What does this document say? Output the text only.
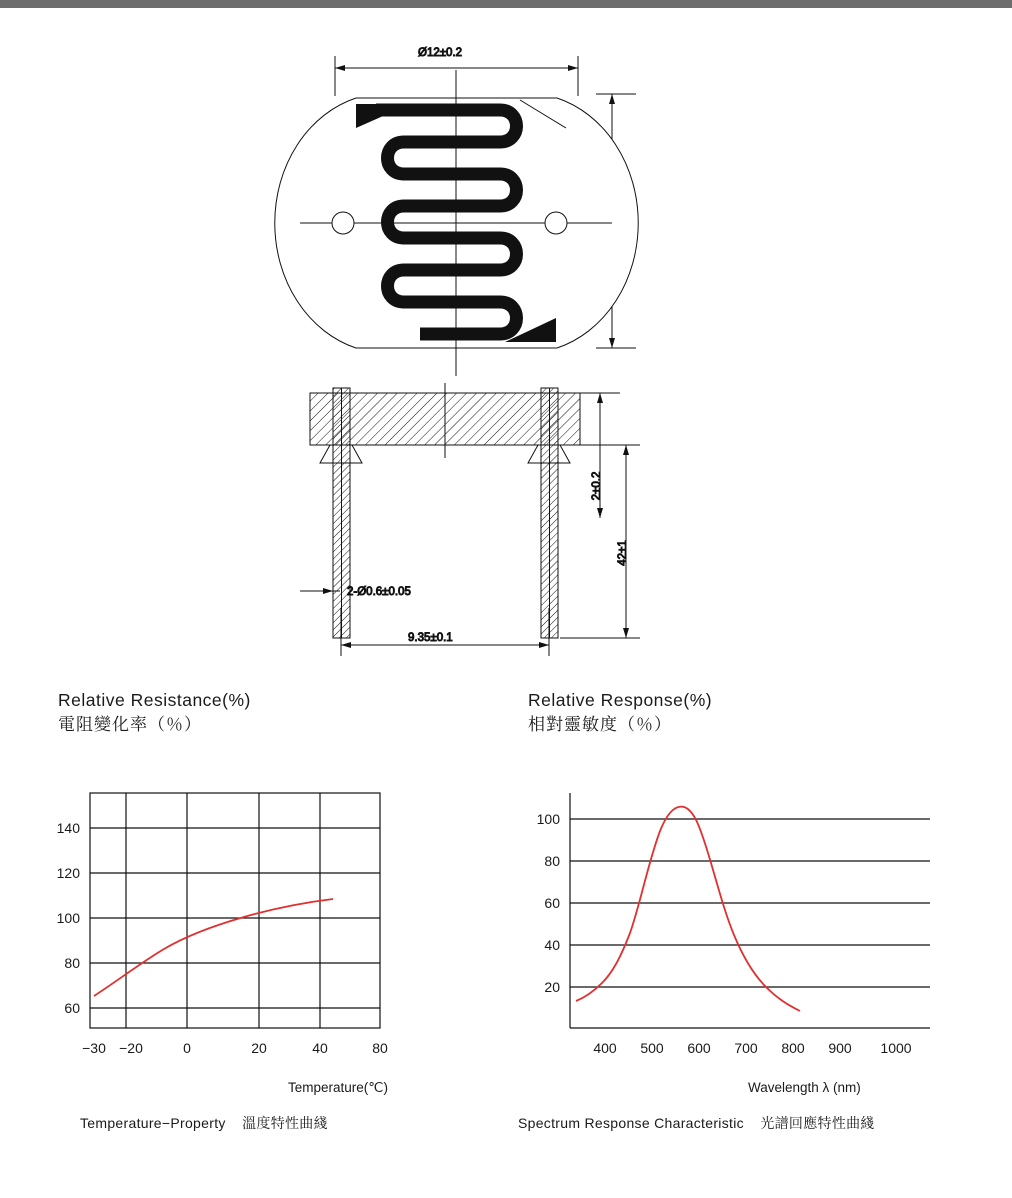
Ø12±0.2
2±0.2
42±1
2-Ø0.6±0.05
9.35±0.1
Relative Resistance(%)
電阻變化率（％）
140
120
100
80
60
−30 −20	0	20	40	80
Temperature(℃)
Temperature−Property 溫度特性曲綫
Relative Response(%)
相對靈敏度（％）
100
80
60
40
20
400 500 600 700 800 900 1000
Wavelength λ (nm)
Spectrum Response Characteristic 光譜回應特性曲綫
